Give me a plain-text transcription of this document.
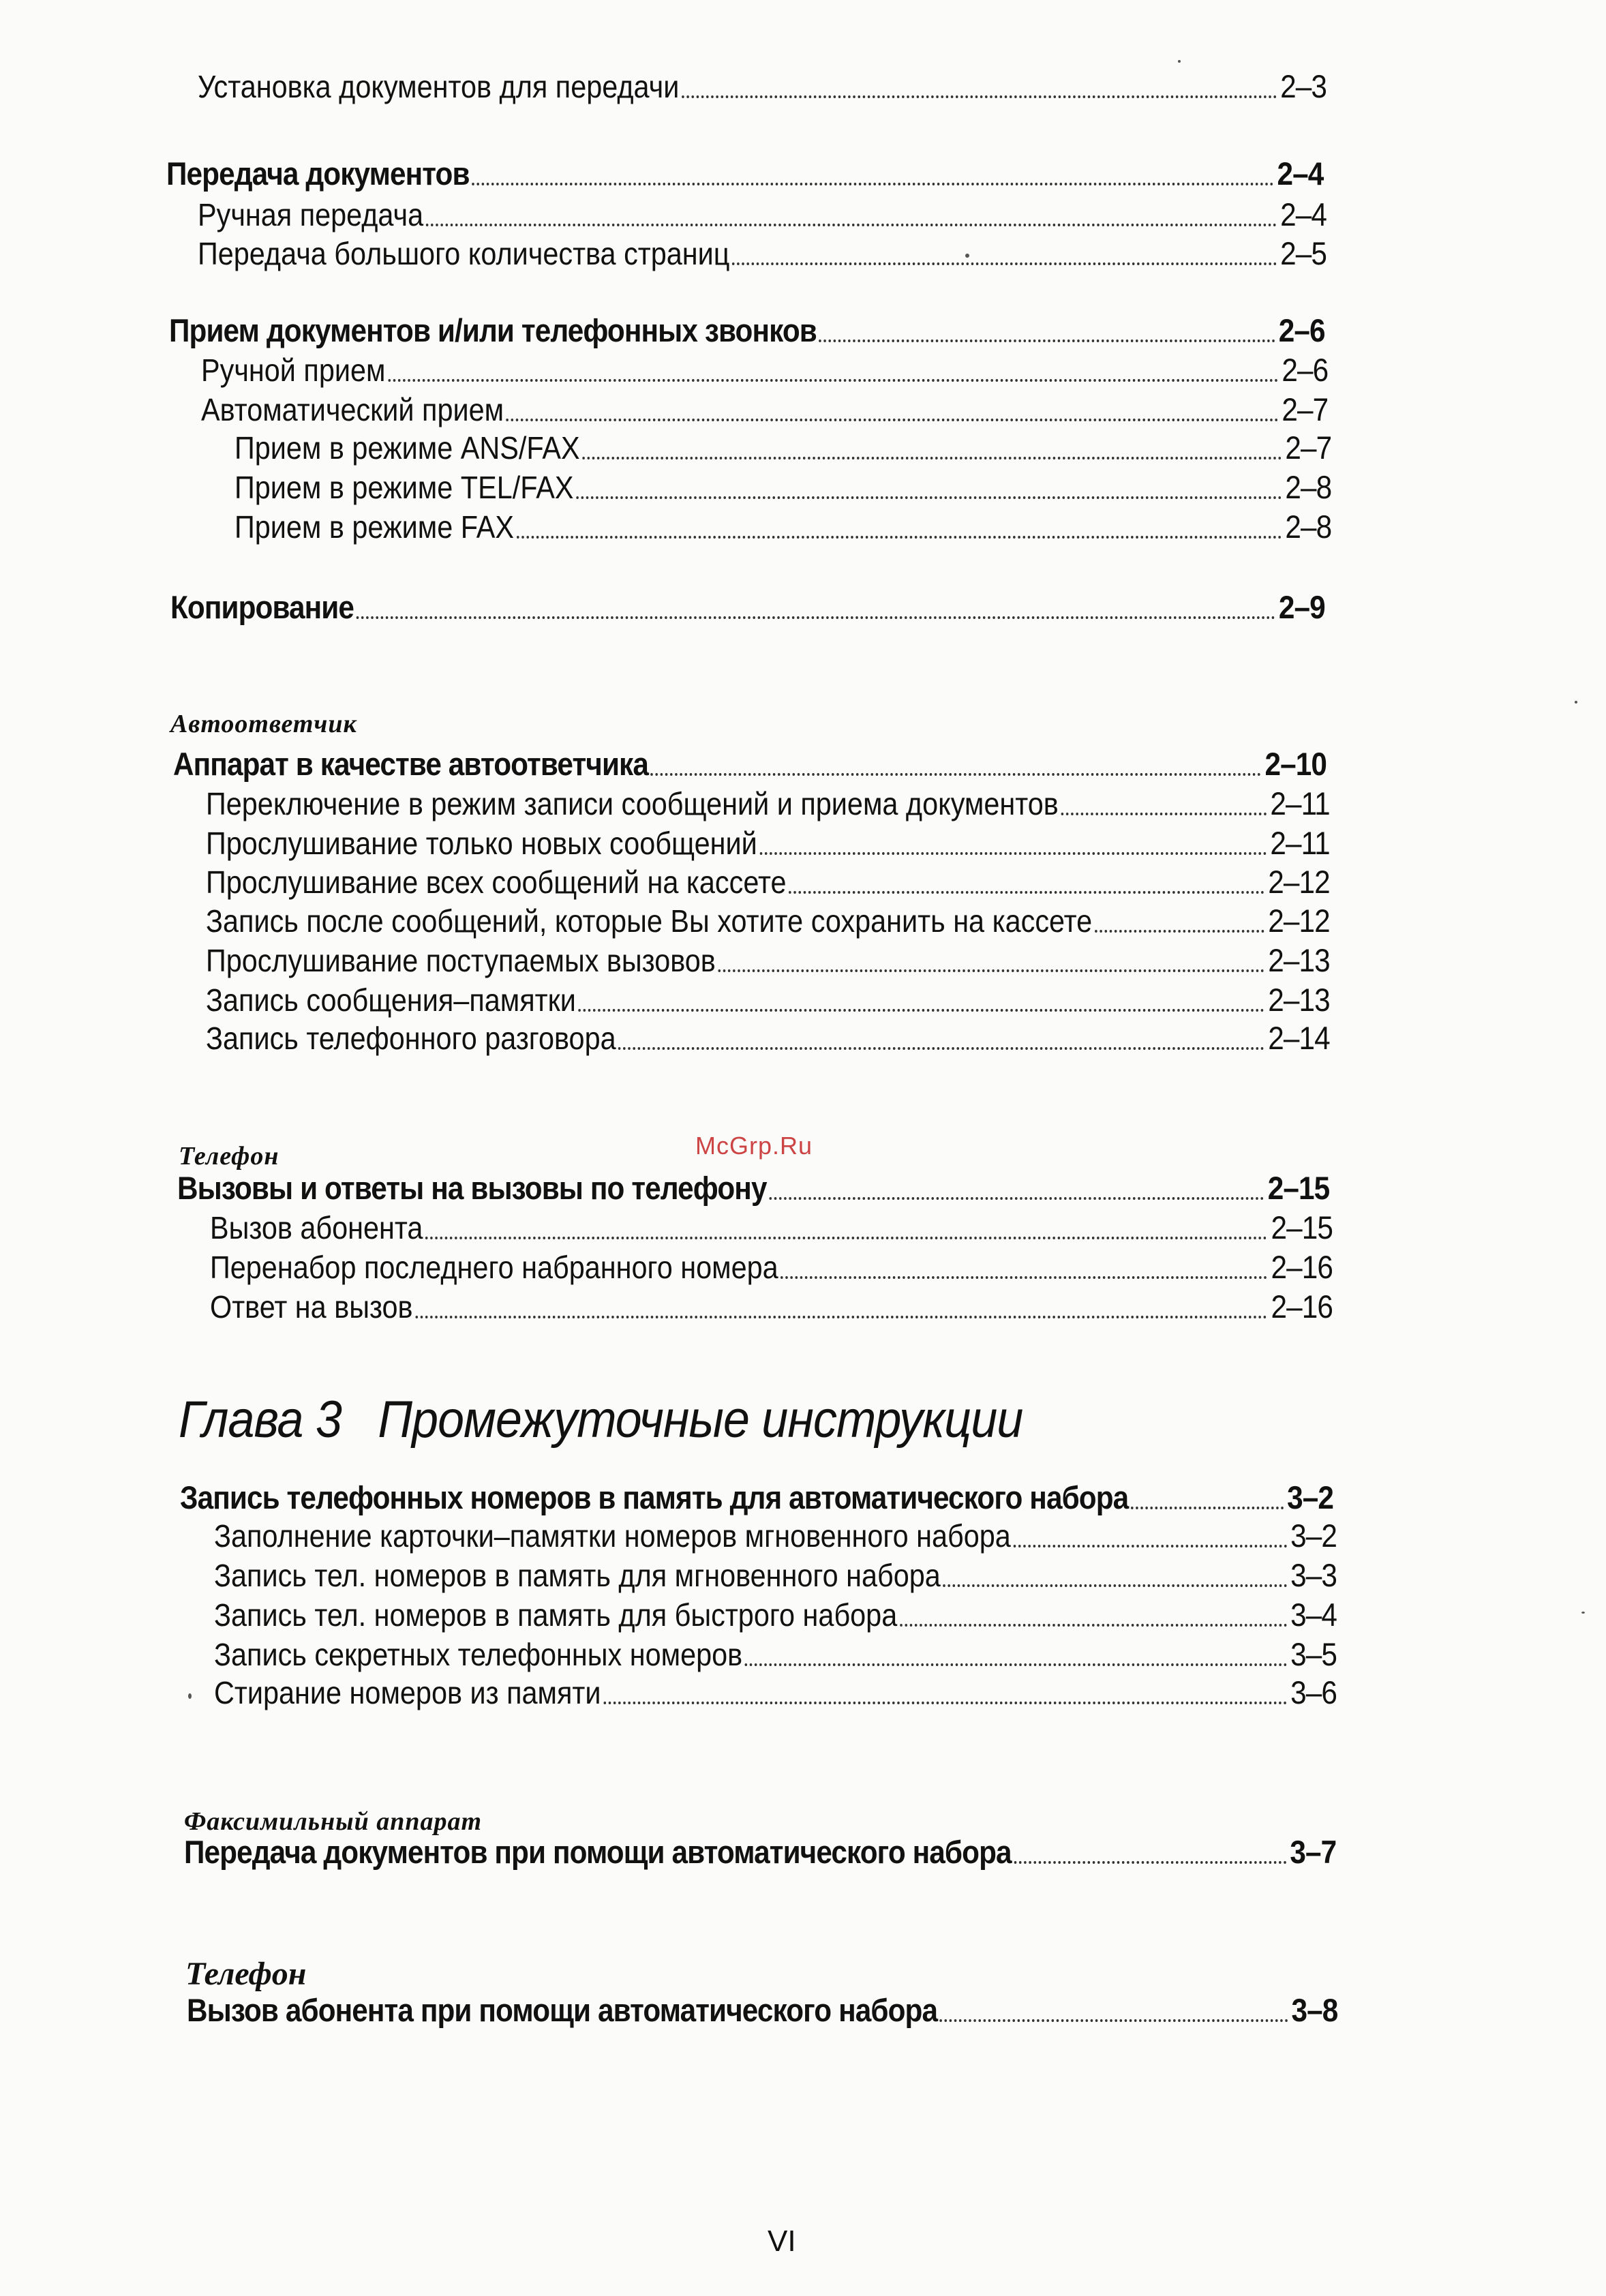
Установка документов для передачи	2–3
Передача документов	2–4
Ручная передача	2–4
Передача большого количества страниц	2–5
Прием документов и/или телефонных звонков	2–6
Ручной прием	2–6
Автоматический прием	2–7
Прием в режиме ANS/FAX	2–7
Прием в режиме TEL/FAX	2–8
Прием в режиме FAX	2–8
Копирование	2–9
Автоответчик
Аппарат в качестве автоответчика	2–10
Переключение в режим записи сообщений и приема документов	2–11
Прослушивание только новых сообщений	2–11
Прослушивание всех сообщений на кассете	2–12
Запись после сообщений, которые Вы хотите сохранить на кассете	2–12
Прослушивание поступаемых вызовов	2–13
Запись сообщения–памятки	2–13
Запись телефонного разговора	2–14
McGrp.Ru
Телефон
Вызовы и ответы на вызовы по телефону	2–15
Вызов абонента	2–15
Перенабор последнего набранного номера	2–16
Ответ на вызов	2–16
Глава 3 Промежуточные инструкции
Запись телефонных номеров в память для автоматического набора	3–2
Заполнение карточки–памятки номеров мгновенного набора	3–2
Запись тел. номеров в память для мгновенного набора	3–3
Запись тел. номеров в память для быстрого набора	3–4
Запись секретных телефонных номеров	3–5
Стирание номеров из памяти	3–6
Факсимильный аппарат
Передача документов при помощи автоматического набора	3–7
Телефон
Вызов абонента при помощи автоматического набора	3–8
VI
